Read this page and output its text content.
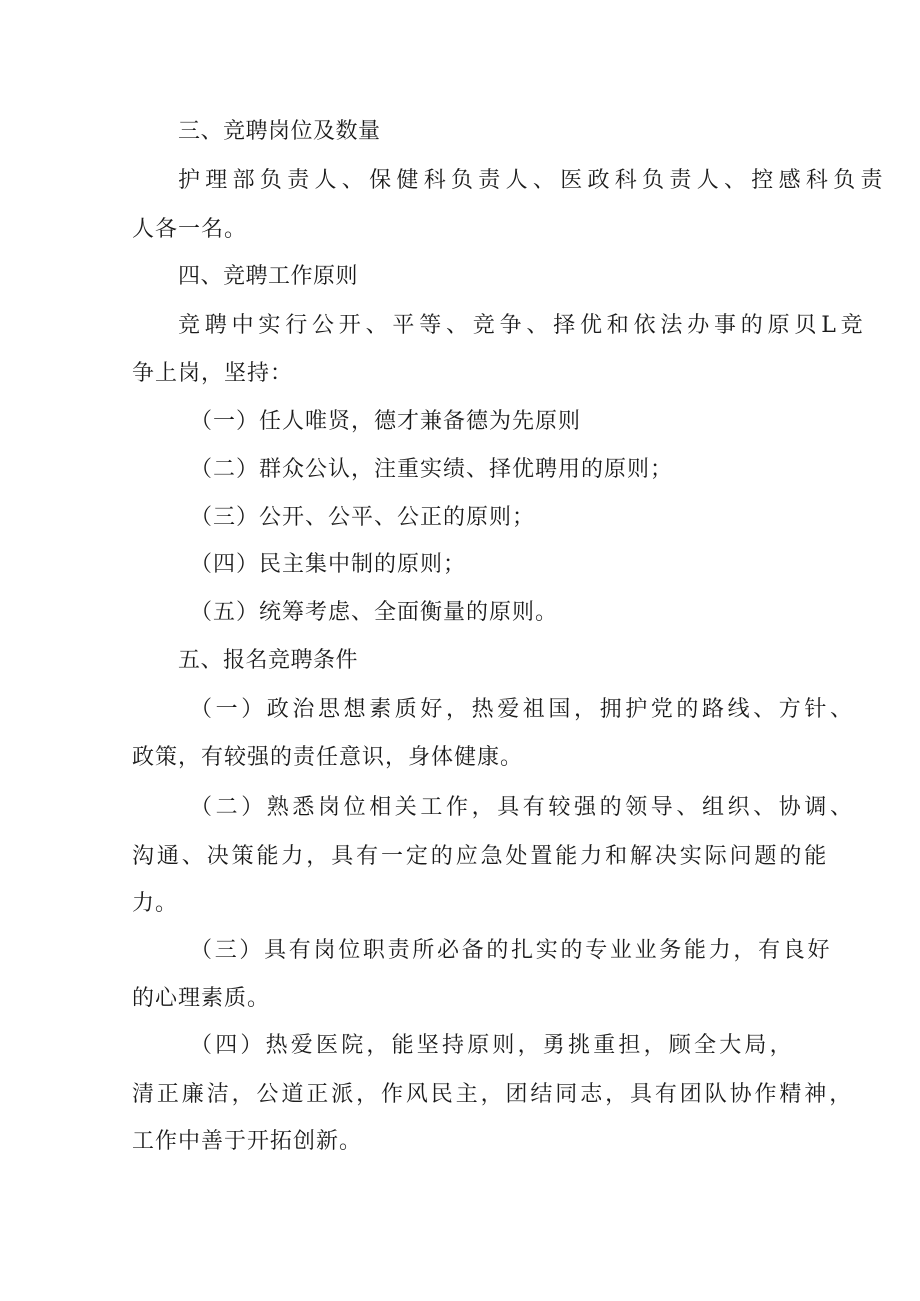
三、竞聘岗位及数量
护理部负责人、保健科负责人、医政科负责人、控感科负责
人各一名。
四、竞聘工作原则
竞聘中实行公开、平等、竞争、择优和依法办事的原贝L竞
争上岗，坚持：
（一）任人唯贤，德才兼备德为先原则
（二）群众公认，注重实绩、择优聘用的原则；
（三）公开、公平、公正的原则；
（四）民主集中制的原则；
（五）统筹考虑、全面衡量的原则。
五、报名竞聘条件
（一）政治思想素质好，热爱祖国，拥护党的路线、方针、
政策，有较强的责任意识，身体健康。
（二）熟悉岗位相关工作，具有较强的领导、组织、协调、
沟通、决策能力，具有一定的应急处置能力和解决实际问题的能
力。
（三）具有岗位职责所必备的扎实的专业业务能力，有良好
的心理素质。
（四）热爱医院，能坚持原则，勇挑重担，顾全大局，
清正廉洁，公道正派，作风民主，团结同志，具有团队协作精神，
工作中善于开拓创新。
